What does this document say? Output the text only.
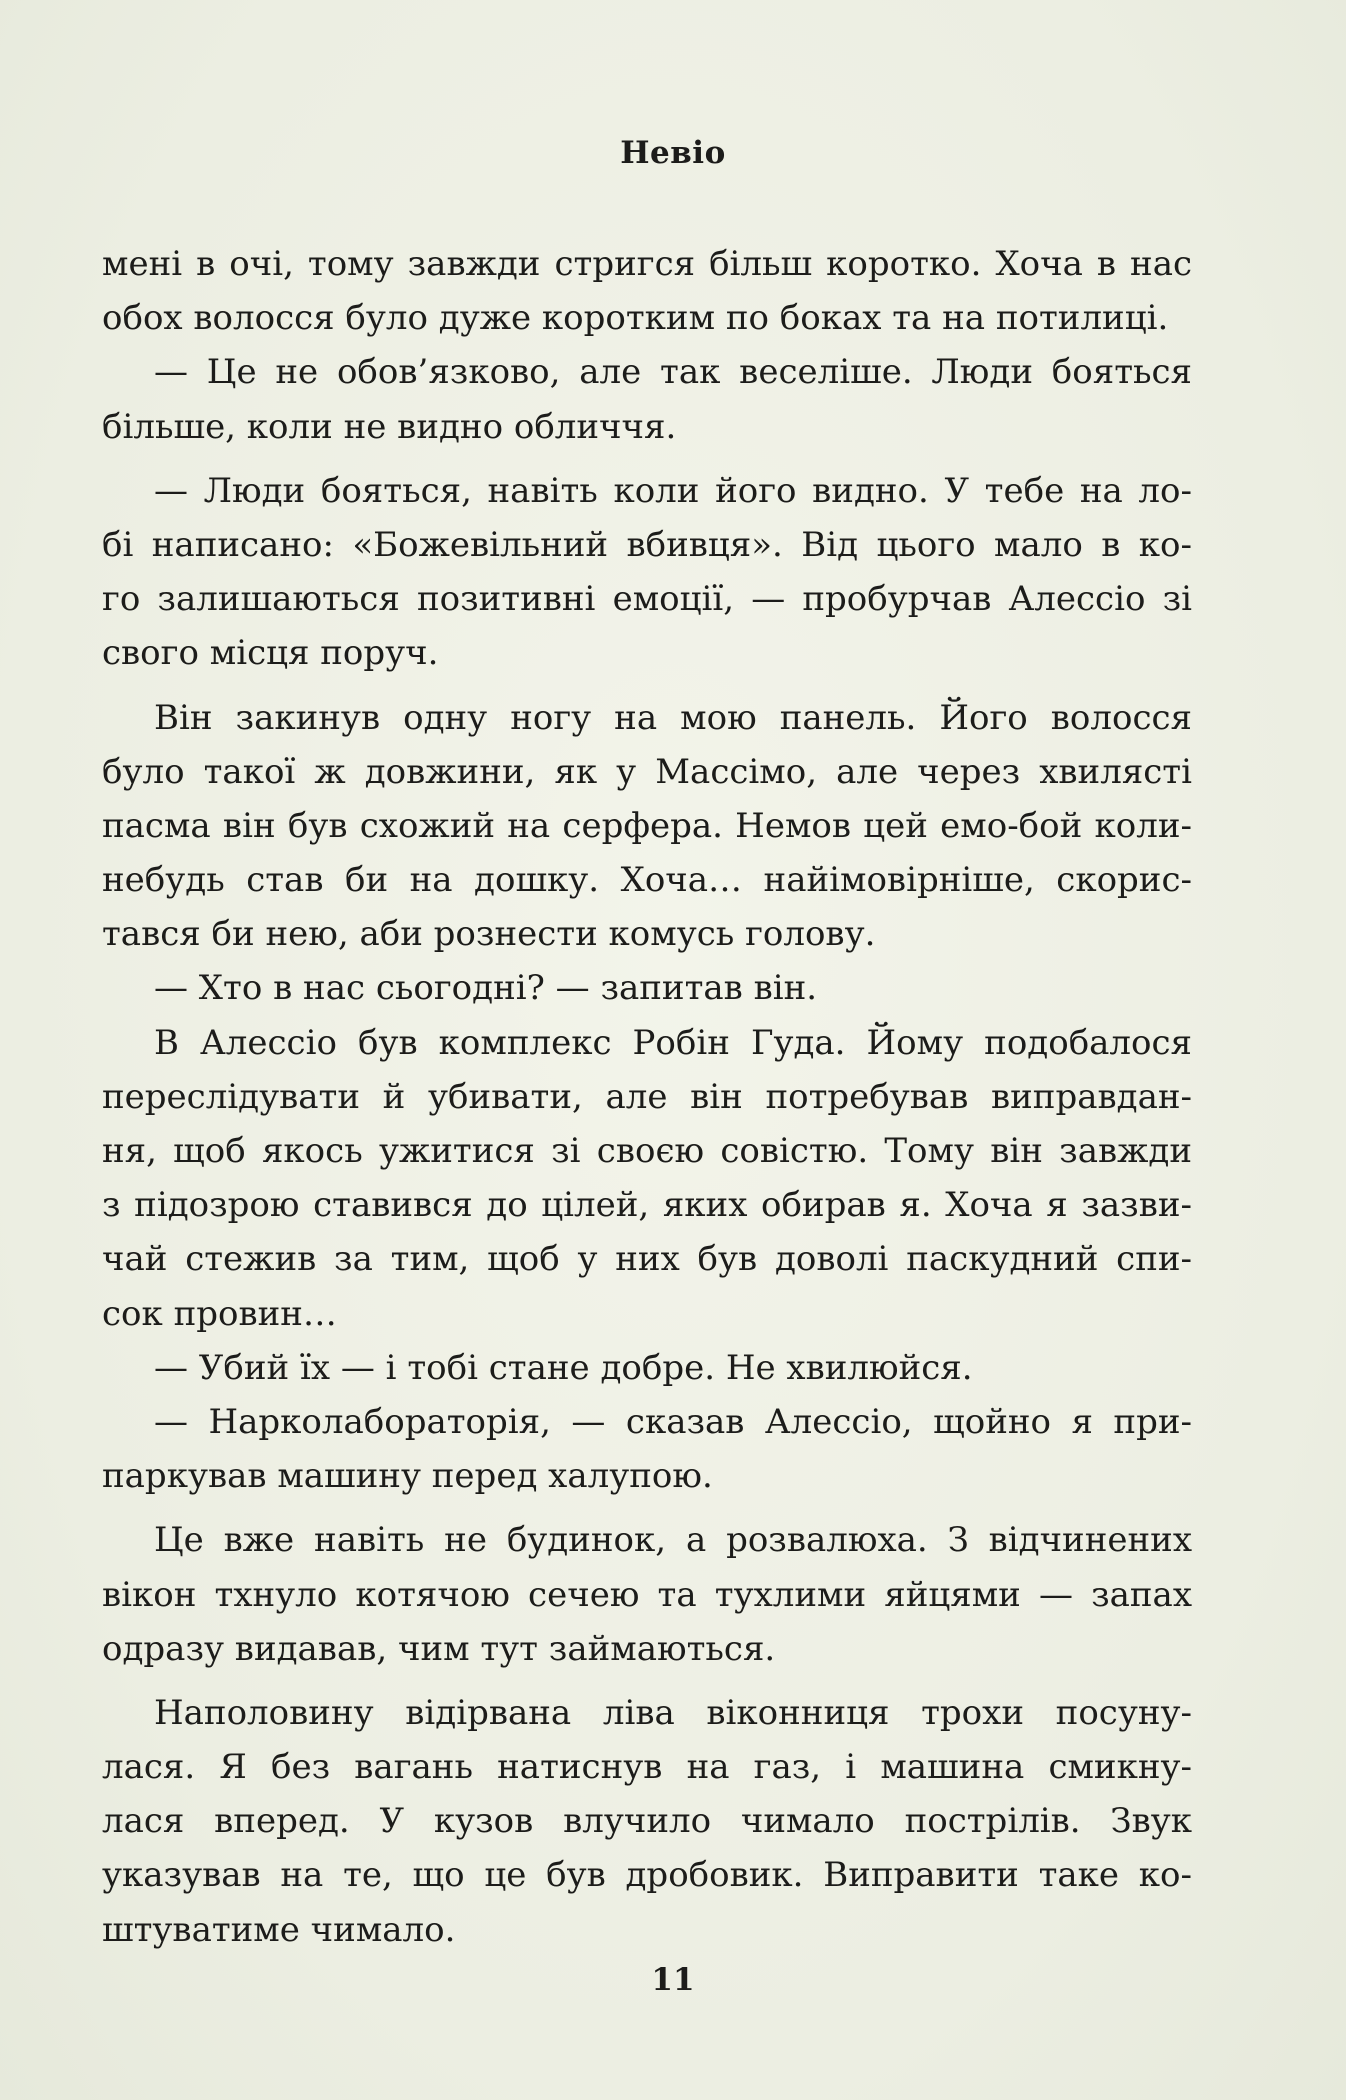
Невіо
мені в очі, тому завжди стригся більш коротко. Хоча в нас
обох волосся було дуже коротким по боках та на потилиці.
— Це не обов’язково, але так веселіше. Люди бояться
більше, коли не видно обличчя.
— Люди бояться, навіть коли його видно. У тебе на ло-
бі написано: «Божевільний вбивця». Від цього мало в ко-
го залишаються позитивні емоції, — пробурчав Алессіо зі
свого місця поруч.
Він закинув одну ногу на мою панель. Його волосся
було такої ж довжини, як у Массімо, але через хвилясті
пасма він був схожий на серфера. Немов цей емо-бой коли-
небудь став би на дошку. Хоча… найімовірніше, скорис-
тався би нею, аби рознести комусь голову.
— Хто в нас сьогодні? — запитав він.
В Алессіо був комплекс Робін Гуда. Йому подобалося
переслідувати й убивати, але він потребував виправдан-
ня, щоб якось ужитися зі своєю совістю. Тому він завжди
з підозрою ставився до цілей, яких обирав я. Хоча я зазви-
чай стежив за тим, щоб у них був доволі паскудний спи-
сок провин…
— Убий їх — і тобі стане добре. Не хвилюйся.
— Нарколабораторія, — сказав Алессіо, щойно я при-
паркував машину перед халупою.
Це вже навіть не будинок, а розвалюха. З відчинених
вікон тхнуло котячою сечею та тухлими яйцями — запах
одразу видавав, чим тут займаються.
Наполовину відірвана ліва віконниця трохи посуну-
лася. Я без вагань натиснув на газ, і машина смикну-
лася вперед. У кузов влучило чимало пострілів. Звук
указував на те, що це був дробовик. Виправити таке ко-
штуватиме чимало.
11
